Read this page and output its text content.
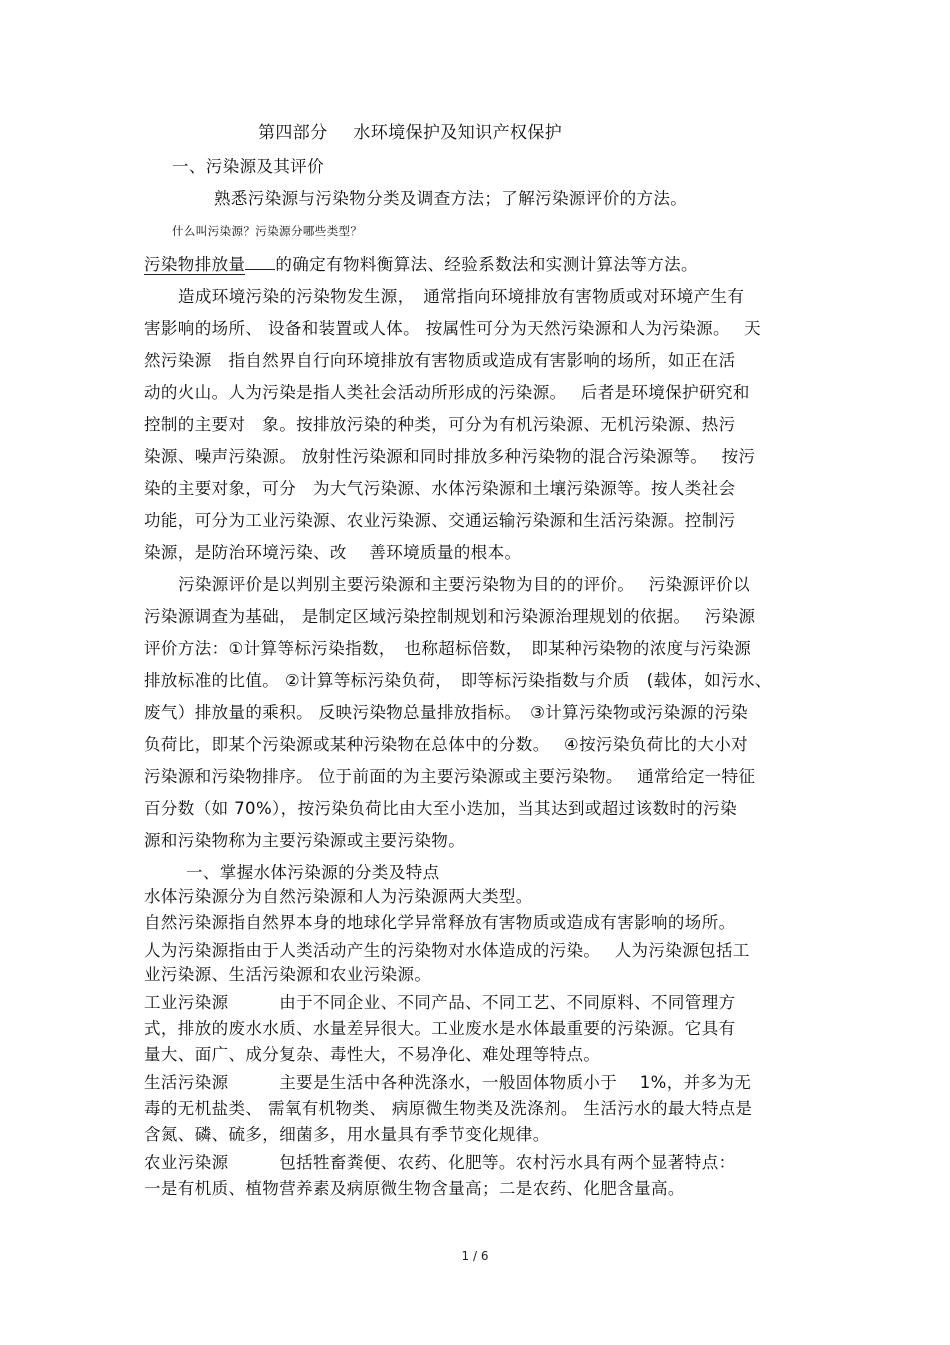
第四部分 水环境保护及知识产权保护
一、污染源及其评价
熟悉污染源与污染物分类及调查方法；了解污染源评价的方法。
什么叫污染源？污染源分哪些类型？
污染物排放量 的确定有物料衡算法、经验系数法和实测计算法等方法。
造成环境污染的污染物发生源，　通常指向环境排放有害物质或对环境产生有
害影响的场所、 设备和装置或人体。 按属性可分为天然污染源和人为污染源。　 天
然污染源　指自然界自行向环境排放有害物质或造成有害影响的场所，如正在活
动的火山。人为污染是指人类社会活动所形成的污染源。　 后者是环境保护研究和
控制的主要对　象。按排放污染的种类，可分为有机污染源、无机污染源、热污
染源、噪声污染源。 放射性污染源和同时排放多种污染物的混合污染源等。　 按污
染的主要对象，可分　为大气污染源、水体污染源和土壤污染源等。按人类社会
功能，可分为工业污染源、农业污染源、交通运输污染源和生活污染源。控制污
染源，是防治环境污染、改　 善环境质量的根本。
污染源评价是以判别主要污染源和主要污染物为目的的评价。　 污染源评价以
污染源调查为基础， 是制定区域污染控制规划和污染源治理规划的依据。　 污染源
评价方法：①计算等标污染指数，　也称超标倍数，　即某种污染物的浓度与污染源
排放标准的比值。 ②计算等标污染负荷，　即等标污染指数与介质　(载体，如污水、
废气）排放量的乘积。 反映污染物总量排放指标。　③计算污染物或污染源的污染
负荷比，即某个污染源或某种污染物在总体中的分数。　 ④按污染负荷比的大小对
污染源和污染物排序。 位于前面的为主要污染源或主要污染物。　 通常给定一特征
百分数（如 70%），按污染负荷比由大至小迭加，当其达到或超过该数时的污染
源和污染物称为主要污染源或主要污染物。
一、掌握水体污染源的分类及特点
水体污染源分为自然污染源和人为污染源两大类型。
自然污染源指自然界本身的地球化学异常释放有害物质或造成有害影响的场所。
人为污染源指由于人类活动产生的污染物对水体造成的污染。　 人为污染源包括工
业污染源、生活污染源和农业污染源。
工业污染源　　　由于不同企业、不同产品、不同工艺、不同原料、不同管理方
式，排放的废水水质、水量差异很大。工业废水是水体最重要的污染源。它具有
量大、面广、成分复杂、毒性大，不易净化、难处理等特点。
生活污染源　　　主要是生活中各种洗涤水，一般固体物质小于　 1%，并多为无
毒的无机盐类、 需氧有机物类、 病原微生物类及洗涤剂。 生活污水的最大特点是
含氮、磷、硫多，细菌多，用水量具有季节变化规律。
农业污染源　　　包括牲畜粪便、农药、化肥等。农村污水具有两个显著特点：
一是有机质、植物营养素及病原微生物含量高；二是农药、化肥含量高。
1 / 6
